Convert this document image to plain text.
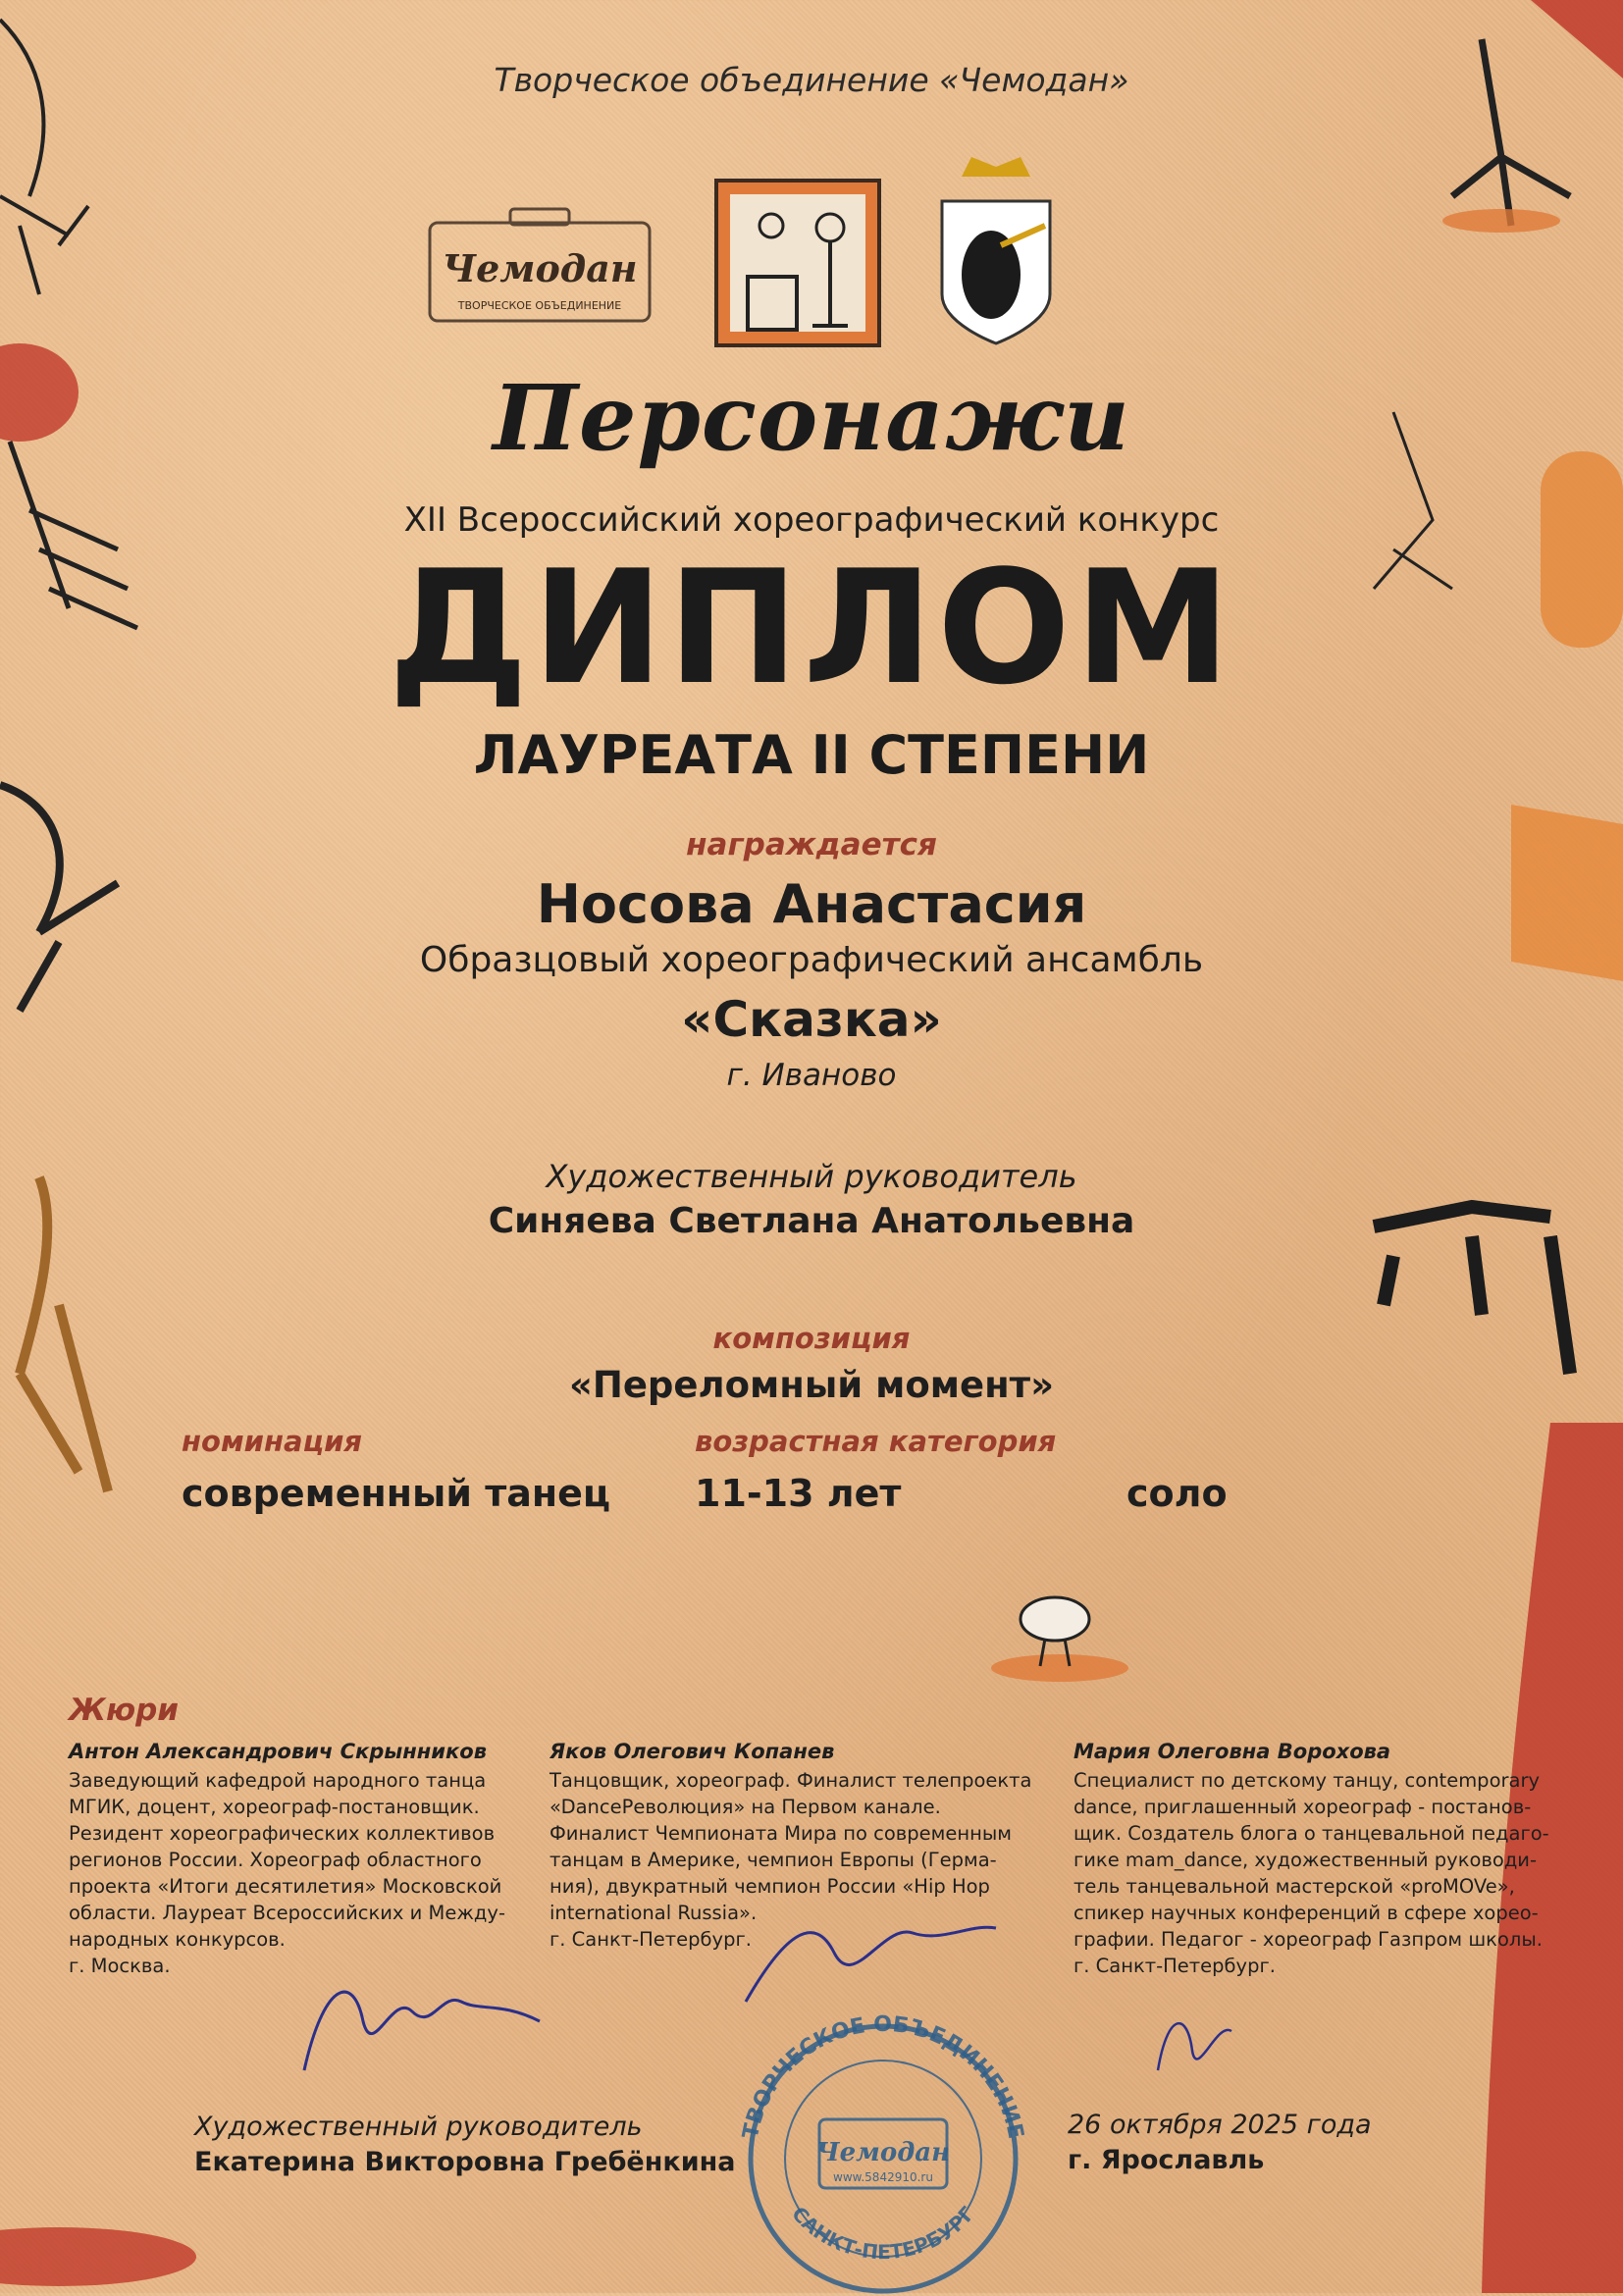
Творческое объединение «Чемодан»
Чемодан
ТВОРЧЕСКОЕ ОБЪЕДИНЕНИЕ
Персонажи
XII Всероссийский хореографический конкурс
ДИПЛОМ
ЛАУРЕАТА II СТЕПЕНИ
награждается
Носова Анастасия
Образцовый хореографический ансамбль
«Сказка»
г. Иваново
Художественный руководитель
Синяева Светлана Анатольевна
композиция
«Переломный момент»
номинация	возрастная категория
современный танец 11-13 лет	соло
Жюри
Антон Александрович Скрынников
Заведующий кафедрой народного танца
МГИК, доцент, хореограф-постановщик.
Резидент хореографических коллективов
регионов России. Хореограф областного
проекта «Итоги десятилетия» Московской
области. Лауреат Всероссийских и Между-
народных конкурсов.
г. Москва.
Яков Олегович Копанев
Танцовщик, хореограф. Финалист телепроекта
«DanceРеволюция» на Первом канале.
Финалист Чемпионата Мира по современным
танцам в Америке, чемпион Европы (Герма-
ния), двукратный чемпион России «Hip Hop
international Russia».
г. Санкт-Петербург.
Мария Олеговна Ворохова
Специалист по детскому танцу, contemporary
dance, приглашенный хореограф - постанов-
щик. Создатель блога о танцевальной педаго-
гике mam_dance, художественный руководи-
тель танцевальной мастерской «proMOVe»,
спикер научных конференций в сфере хорео-
графии. Педагог - хореограф Газпром школы.
г. Санкт-Петербург.
ТВОРЧЕСКОЕ ОБЪЕДИНЕНИЕ
САНКТ-ПЕТЕРБУРГ
Чемодан
www.5842910.ru
Художественный руководитель
Екатерина Викторовна Гребёнкина
26 октября 2025 года
г. Ярославль
